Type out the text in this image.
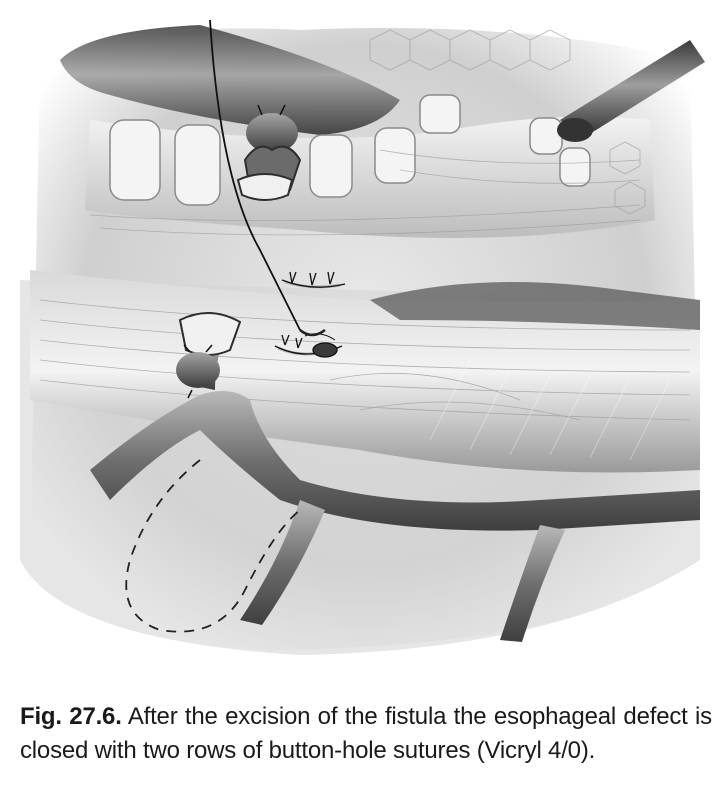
Fig. 27.6. After the excision of the fistula the esophageal defect is closed with two rows of button-hole sutures (Vicryl 4/0).
